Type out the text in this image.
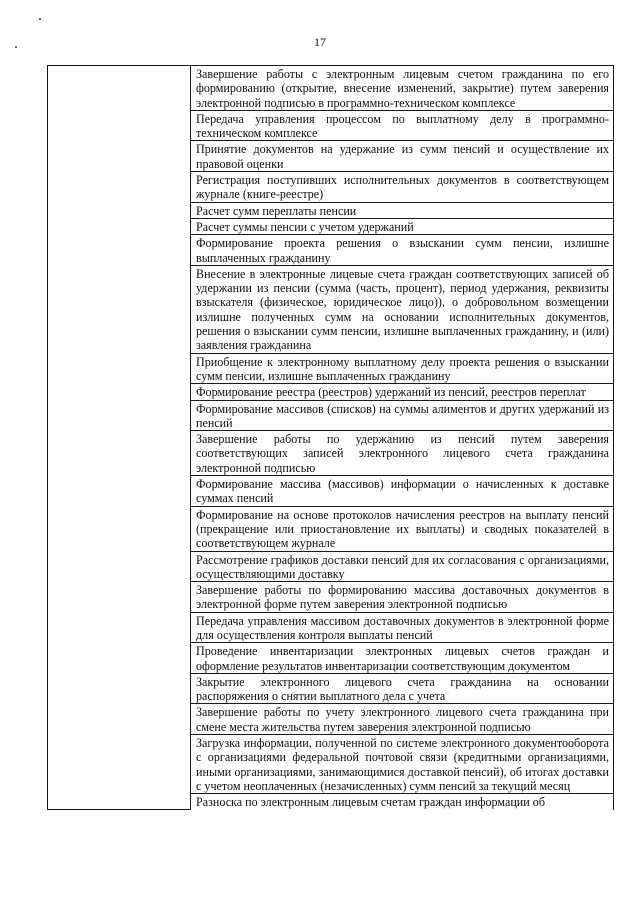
17
	Завершение работы с электронным лицевым счетом гражданина по его формированию (открытие, внесение изменений, закрытие) путем заверения электронной подписью в программно-техническом комплексе
Передача управления процессом по выплатному делу в программно-техническом комплексе
Принятие документов на удержание из сумм пенсий и осуществление их правовой оценки
Регистрация поступивших исполнительных документов в соответствующем журнале (книге-реестре)
Расчет сумм переплаты пенсии
Расчет суммы пенсии с учетом удержаний
Формирование проекта решения о взыскании сумм пенсии, излишне выплаченных гражданину
Внесение в электронные лицевые счета граждан соответствующих записей об удержании из пенсии (сумма (часть, процент), период удержания, реквизиты взыскателя (физическое, юридическое лицо)), о добровольном возмещении излишне полученных сумм на основании исполнительных документов, решения о взыскании сумм пенсии, излишне выплаченных гражданину, и (или) заявления гражданина
Приобщение к электронному выплатному делу проекта решения о взыскании сумм пенсии, излишне выплаченных гражданину
Формирование реестра (реестров) удержаний из пенсий, реестров переплат
Формирование массивов (списков) на суммы алиментов и других удержаний из пенсий
Завершение работы по удержанию из пенсий путем заверения соответствующих записей электронного лицевого счета гражданина электронной подписью
Формирование массива (массивов) информации о начисленных к доставке суммах пенсий
Формирование на основе протоколов начисления реестров на выплату пенсий (прекращение или приостановление их выплаты) и сводных показателей в соответствующем журнале
Рассмотрение графиков доставки пенсий для их согласования с организациями, осуществляющими доставку
Завершение работы по формированию массива доставочных документов в электронной форме путем заверения электронной подписью
Передача управления массивом доставочных документов в электронной форме для осуществления контроля выплаты пенсий
Проведение инвентаризации электронных лицевых счетов граждан и оформление результатов инвентаризации соответствующим документом
Закрытие электронного лицевого счета гражданина на основании распоряжения о снятии выплатного дела с учета
Завершение работы по учету электронного лицевого счета гражданина при смене места жительства путем заверения электронной подписью
Загрузка информации, полученной по системе электронного документооборота с организациями федеральной почтовой связи (кредитными организациями, иными организациями, занимающимися доставкой пенсий), об итогах доставки с учетом неоплаченных (незачисленных) сумм пенсий за текущий месяц
Разноска по электронным лицевым счетам граждан информации об
